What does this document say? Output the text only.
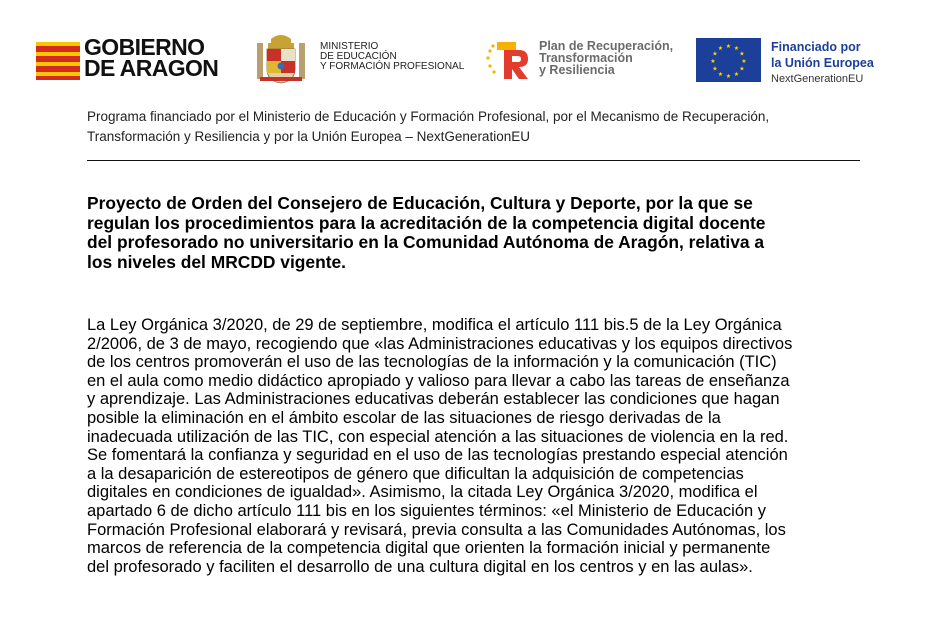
GOBIERNO
DE ARAGON
MINISTERIO
DE EDUCACIÓN
Y FORMACIÓN PROFESIONAL
Plan de Recuperación,
Transformación
y Resiliencia
★ ★
★
★
★
★
★
★
★
★
★
★	Financiado por
la Unión Europea
NextGenerationEU

Programa financiado por el Ministerio de Educación y Formación Profesional, por el Mecanismo de Recuperación,
Transformación y Resiliencia y por la Unión Europea – NextGenerationEU

Proyecto de Orden del Consejero de Educación, Cultura y Deporte, por la que se
regulan los procedimientos para la acreditación de la competencia digital docente
del profesorado no universitario en la Comunidad Autónoma de Aragón, relativa a
los niveles del MRCDD vigente.

La Ley Orgánica 3/2020, de 29 de septiembre, modifica el artículo 111 bis.5 de la Ley Orgánica
2/2006, de 3 de mayo, recogiendo que «las Administraciones educativas y los equipos directivos
de los centros promoverán el uso de las tecnologías de la información y la comunicación (TIC)
en el aula como medio didáctico apropiado y valioso para llevar a cabo las tareas de enseñanza
y aprendizaje. Las Administraciones educativas deberán establecer las condiciones que hagan
posible la eliminación en el ámbito escolar de las situaciones de riesgo derivadas de la
inadecuada utilización de las TIC, con especial atención a las situaciones de violencia en la red.
Se fomentará la confianza y seguridad en el uso de las tecnologías prestando especial atención
a la desaparición de estereotipos de género que dificultan la adquisición de competencias
digitales en condiciones de igualdad». Asimismo, la citada Ley Orgánica 3/2020, modifica el
apartado 6 de dicho artículo 111 bis en los siguientes términos: «el Ministerio de Educación y
Formación Profesional elaborará y revisará, previa consulta a las Comunidades Autónomas, los
marcos de referencia de la competencia digital que orienten la formación inicial y permanente
del profesorado y faciliten el desarrollo de una cultura digital en los centros y en las aulas».
